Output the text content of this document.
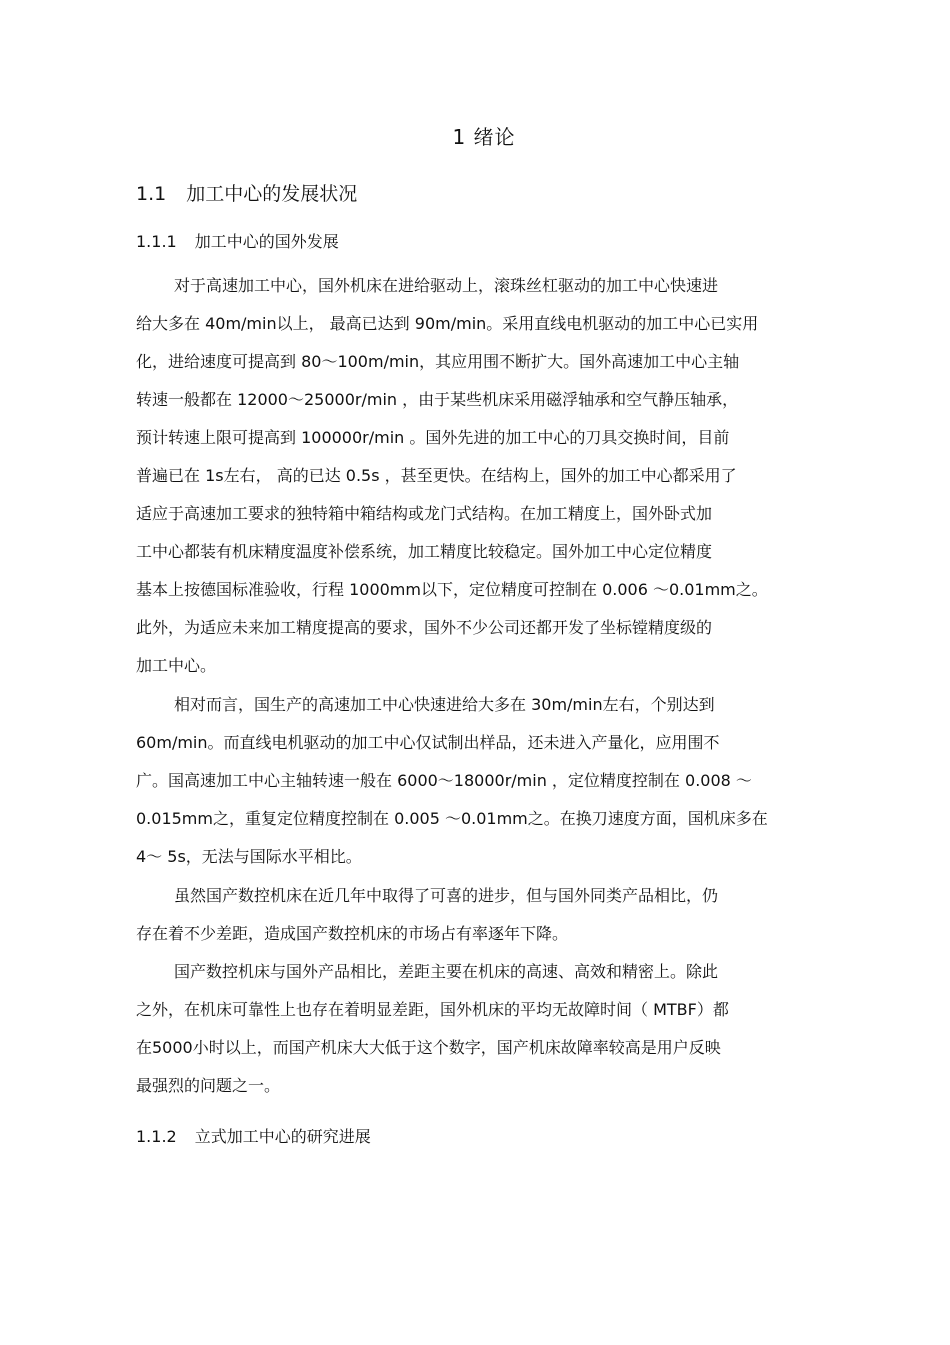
1 绪论
1.1 加工中心的发展状况
1.1.1 加工中心的国外发展
对于高速加工中心，国外机床在进给驱动上，滚珠丝杠驱动的加工中心快速进
给大多在 40m/min以上， 最高已达到 90m/min。采用直线电机驱动的加工中心已实用
化，进给速度可提高到 80～100m/min，其应用围不断扩大。国外高速加工中心主轴
转速一般都在 12000～25000r/min ，由于某些机床采用磁浮轴承和空气静压轴承，
预计转速上限可提高到 100000r/min 。国外先进的加工中心的刀具交换时间，目前
普遍已在 1s左右， 高的已达 0.5s ，甚至更快。在结构上，国外的加工中心都采用了
适应于高速加工要求的独特箱中箱结构或龙门式结构。在加工精度上，国外卧式加
工中心都装有机床精度温度补偿系统，加工精度比较稳定。国外加工中心定位精度
基本上按德国标准验收，行程 1000mm以下，定位精度可控制在 0.006 ～0.01mm之。
此外，为适应未来加工精度提高的要求，国外不少公司还都开发了坐标镗精度级的
加工中心。
相对而言，国生产的高速加工中心快速进给大多在 30m/min左右，个别达到
60m/min。而直线电机驱动的加工中心仅试制出样品，还未进入产量化，应用围不
广。国高速加工中心主轴转速一般在 6000～18000r/min ，定位精度控制在 0.008 ～
0.015mm之，重复定位精度控制在 0.005 ～0.01mm之。在换刀速度方面，国机床多在
4～ 5s，无法与国际水平相比。
虽然国产数控机床在近几年中取得了可喜的进步，但与国外同类产品相比，仍
存在着不少差距，造成国产数控机床的市场占有率逐年下降。
国产数控机床与国外产品相比，差距主要在机床的高速、高效和精密上。除此
之外，在机床可靠性上也存在着明显差距，国外机床的平均无故障时间（ MTBF）都
在5000小时以上，而国产机床大大低于这个数字，国产机床故障率较高是用户反映
最强烈的问题之一。
1.1.2 立式加工中心的研究进展
